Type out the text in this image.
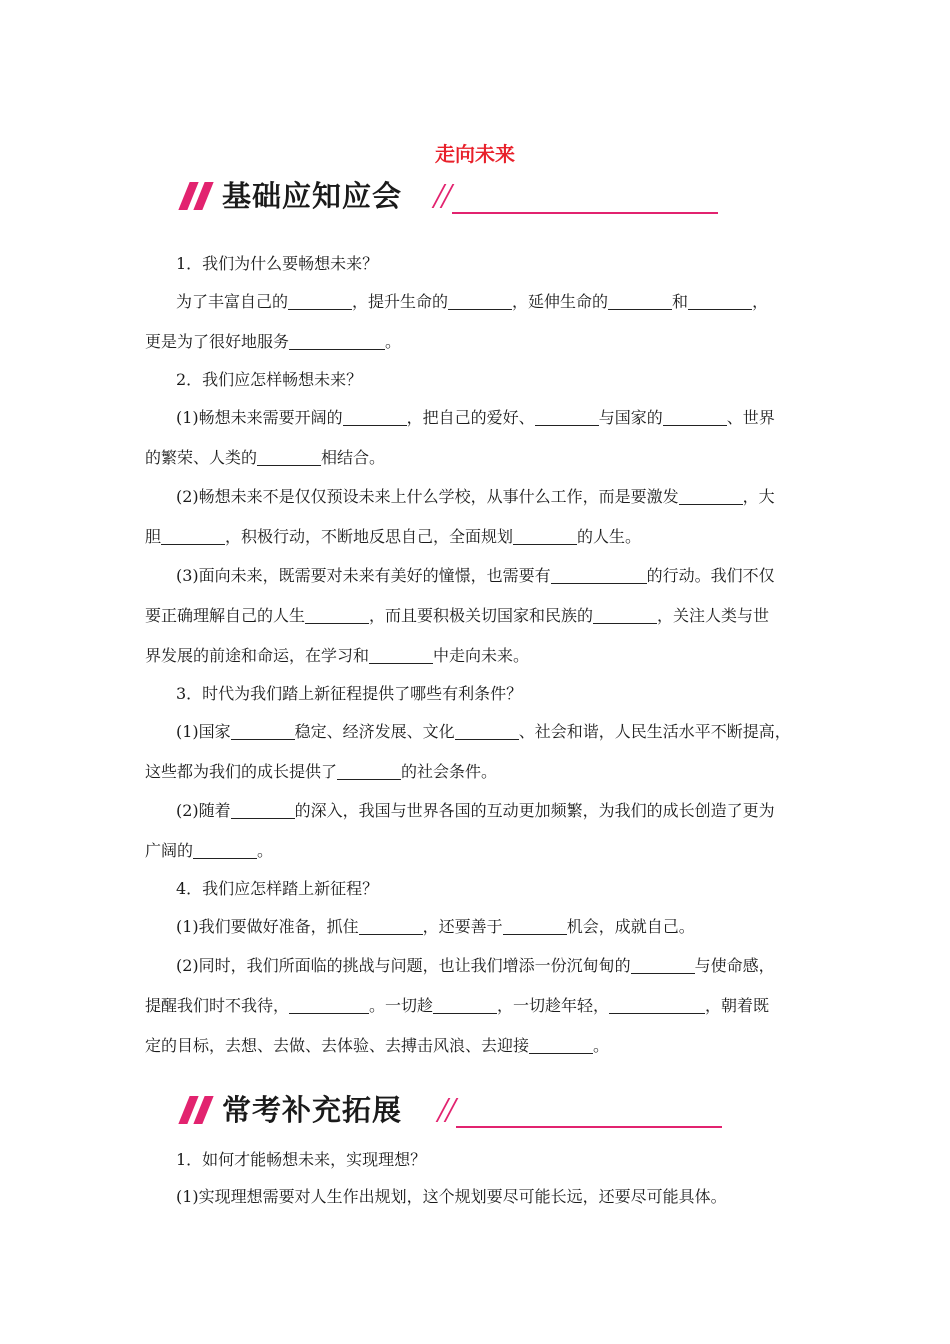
走向未来
基础应知应会
1．我们为什么要畅想未来？
为了丰富自己的	，提升生命的	，延伸生命的	和	，
更是为了很好地服务	。
2．我们应怎样畅想未来？
(1)畅想未来需要开阔的	，把自己的爱好、	与国家的	、世界
的繁荣、人类的	相结合。
(2)畅想未来不是仅仅预设未来上什么学校，从事什么工作，而是要激发	，大
胆	，积极行动，不断地反思自己，全面规划	的人生。
(3)面向未来，既需要对未来有美好的憧憬，也需要有	的行动。我们不仅
要正确理解自己的人生	，而且要积极关切国家和民族的	，关注人类与世
界发展的前途和命运，在学习和	中走向未来。
3．时代为我们踏上新征程提供了哪些有利条件？
(1)国家	稳定、经济发展、文化	、社会和谐，人民生活水平不断提高，
这些都为我们的成长提供了	的社会条件。
(2)随着	的深入，我国与世界各国的互动更加频繁，为我们的成长创造了更为
广阔的	。
4．我们应怎样踏上新征程？
(1)我们要做好准备，抓住	，还要善于	机会，成就自己。
(2)同时，我们所面临的挑战与问题，也让我们增添一份沉甸甸的	与使命感，
提醒我们时不我待，	。一切趁	，一切趁年轻，	，朝着既
定的目标，去想、去做、去体验、去搏击风浪、去迎接	。
常考补充拓展
1．如何才能畅想未来，实现理想？
(1)实现理想需要对人生作出规划，这个规划要尽可能长远，还要尽可能具体。
